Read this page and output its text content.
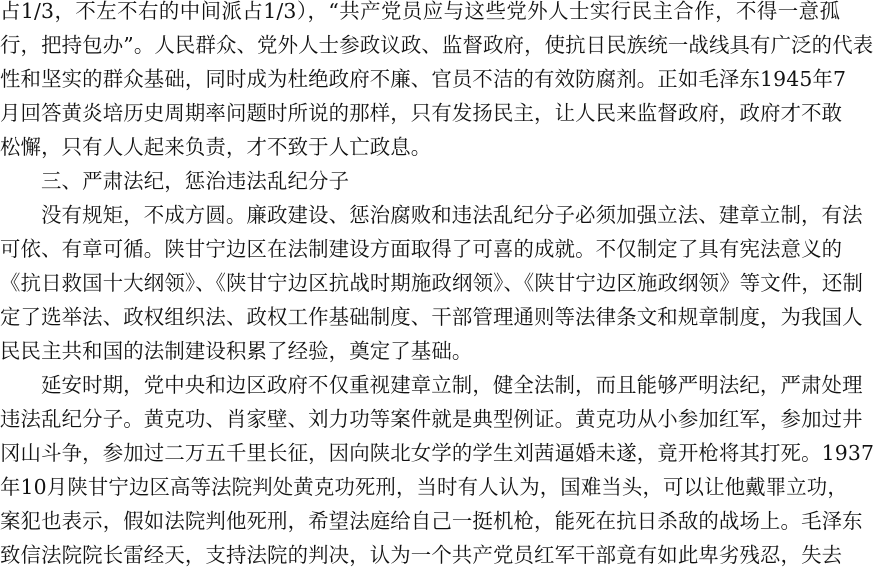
占1/3，不左不右的中间派占1/3），“共产党员应与这些党外人士实行民主合作，不得一意孤
行，把持包办”。人民群众、党外人士参政议政、监督政府，使抗日民族统一战线具有广泛的代表
性和坚实的群众基础，同时成为杜绝政府不廉、官员不洁的有效防腐剂。正如毛泽东1945年7
月回答黄炎培历史周期率问题时所说的那样，只有发扬民主，让人民来监督政府，政府才不敢
松懈，只有人人起来负责，才不致于人亡政息。
三、严肃法纪，惩治违法乱纪分子
没有规矩，不成方圆。廉政建设、惩治腐败和违法乱纪分子必须加强立法、建章立制，有法
可依、有章可循。陕甘宁边区在法制建设方面取得了可喜的成就。不仅制定了具有宪法意义的
《抗日救国十大纲领》、《陕甘宁边区抗战时期施政纲领》、《陕甘宁边区施政纲领》等文件，还制
定了选举法、政权组织法、政权工作基础制度、干部管理通则等法律条文和规章制度，为我国人
民民主共和国的法制建设积累了经验，奠定了基础。
延安时期，党中央和边区政府不仅重视建章立制，健全法制，而且能够严明法纪，严肃处理
违法乱纪分子。黄克功、肖家壁、刘力功等案件就是典型例证。黄克功从小参加红军，参加过井
冈山斗争，参加过二万五千里长征，因向陕北女学的学生刘茜逼婚未遂，竟开枪将其打死。1937
年10月陕甘宁边区高等法院判处黄克功死刑，当时有人认为，国难当头，可以让他戴罪立功，
案犯也表示，假如法院判他死刑，希望法庭给自己一挺机枪，能死在抗日杀敌的战场上。毛泽东
致信法院院长雷经天，支持法院的判决，认为一个共产党员红军干部竟有如此卑劣残忍，失去
